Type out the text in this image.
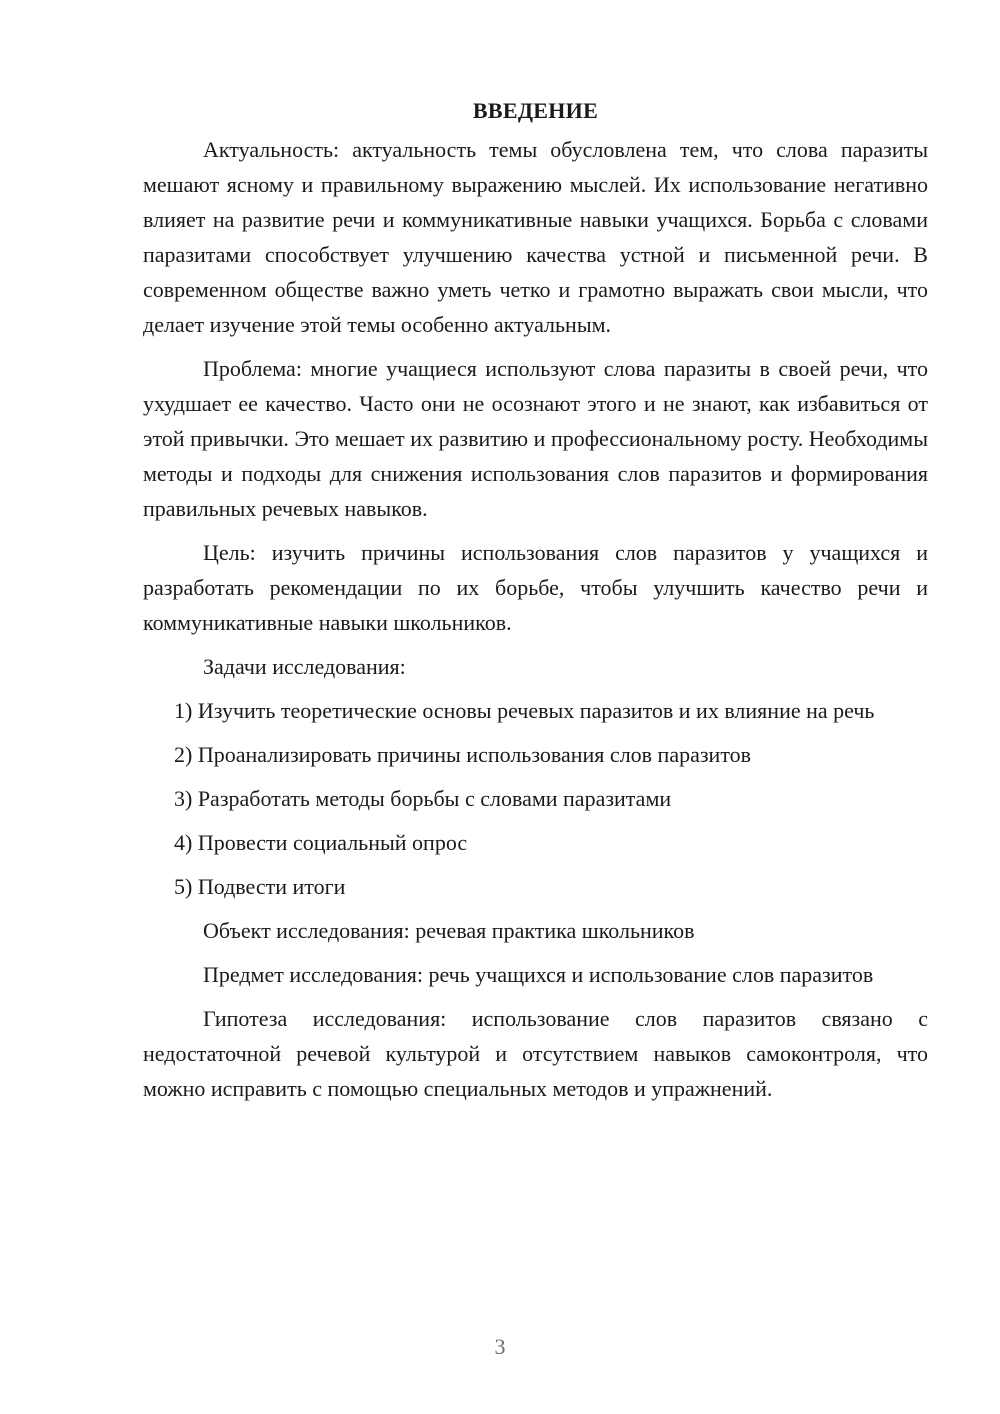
ВВЕДЕНИЕ

Актуальность: актуальность темы обусловлена тем, что слова паразиты мешают ясному и правильному выражению мыслей. Их использование негативно влияет на развитие речи и коммуникативные навыки учащихся. Борьба с словами паразитами способствует улучшению качества устной и письменной речи. В современном обществе важно уметь четко и грамотно выражать свои мысли, что делает изучение этой темы особенно актуальным.

Проблема: многие учащиеся используют слова паразиты в своей речи, что ухудшает ее качество. Часто они не осознают этого и не знают, как избавиться от этой привычки. Это мешает их развитию и профессиональному росту. Необходимы методы и подходы для снижения использования слов паразитов и формирования правильных речевых навыков.

Цель: изучить причины использования слов паразитов у учащихся и разработать рекомендации по их борьбе, чтобы улучшить качество речи и коммуникативные навыки школьников.

Задачи исследования:

1) Изучить теоретические основы речевых паразитов и их влияние на речь

2) Проанализировать причины использования слов паразитов

3) Разработать методы борьбы с словами паразитами

4) Провести социальный опрос

5) Подвести итоги

Объект исследования: речевая практика школьников

Предмет исследования: речь учащихся и использование слов паразитов

Гипотеза исследования: использование слов паразитов связано с недостаточной речевой культурой и отсутствием навыков самоконтроля, что можно исправить с помощью специальных методов и упражнений.

3
